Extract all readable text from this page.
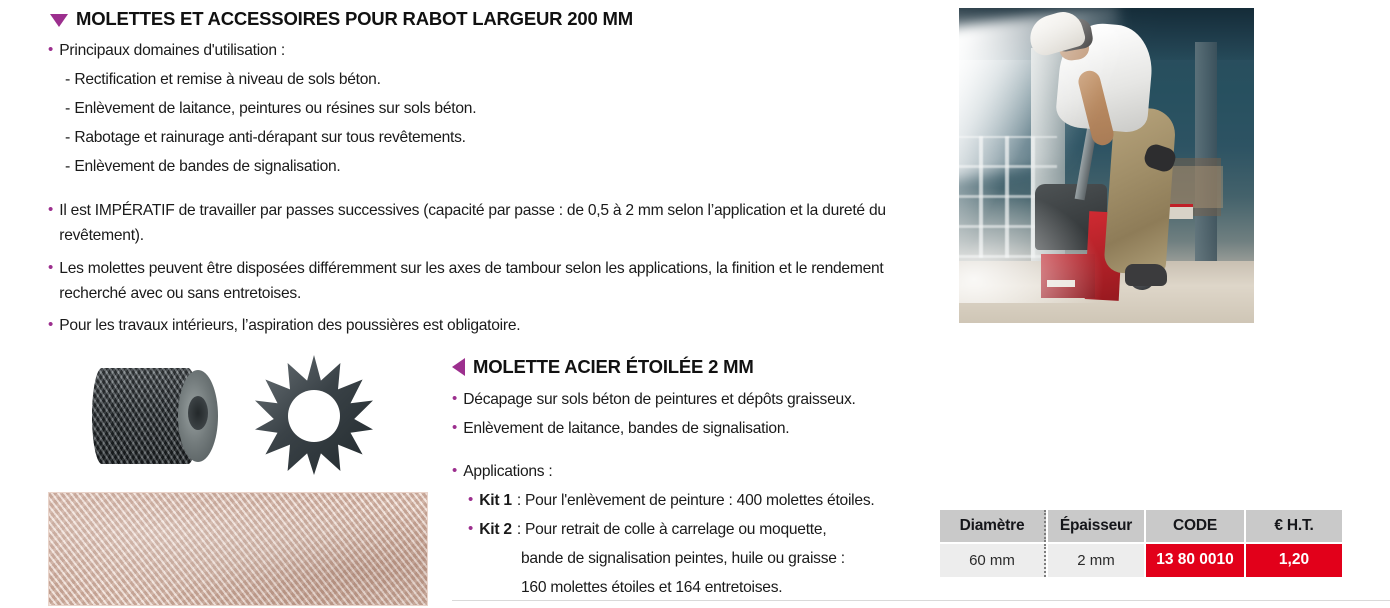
MOLETTES ET ACCESSOIRES POUR RABOT LARGEUR 200 MM
• Principaux domaines d'utilisation :
- Rectification et remise à niveau de sols béton.
- Enlèvement de laitance, peintures ou résines sur sols béton.
- Rabotage et rainurage anti-dérapant sur tous revêtements.
- Enlèvement de bandes de signalisation.
• Il est IMPÉRATIF de travailler par passes successives (capacité par passe : de 0,5 à 2 mm selon l’application et la dureté du revêtement).
• Les molettes peuvent être disposées différemment sur les axes de tambour selon les applications, la finition et le rendement recherché avec ou sans entretoises.
• Pour les travaux intérieurs, l’aspiration des poussières est obligatoire.
MOLETTE ACIER ÉTOILÉE 2 MM
• Décapage sur sols béton de peintures et dépôts graisseux.
• Enlèvement de laitance, bandes de signalisation.
• Applications :
• Kit 1 : Pour l'enlèvement de peinture : 400 molettes étoiles.
• Kit 2 : Pour retrait de colle à carrelage ou moquette,
bande de signalisation peintes, huile ou graisse :
160 molettes étoiles et 164 entretoises.
Diamètre	Épaisseur	CODE	€ H.T.
60 mm	2 mm	13 80 0010	1,20
